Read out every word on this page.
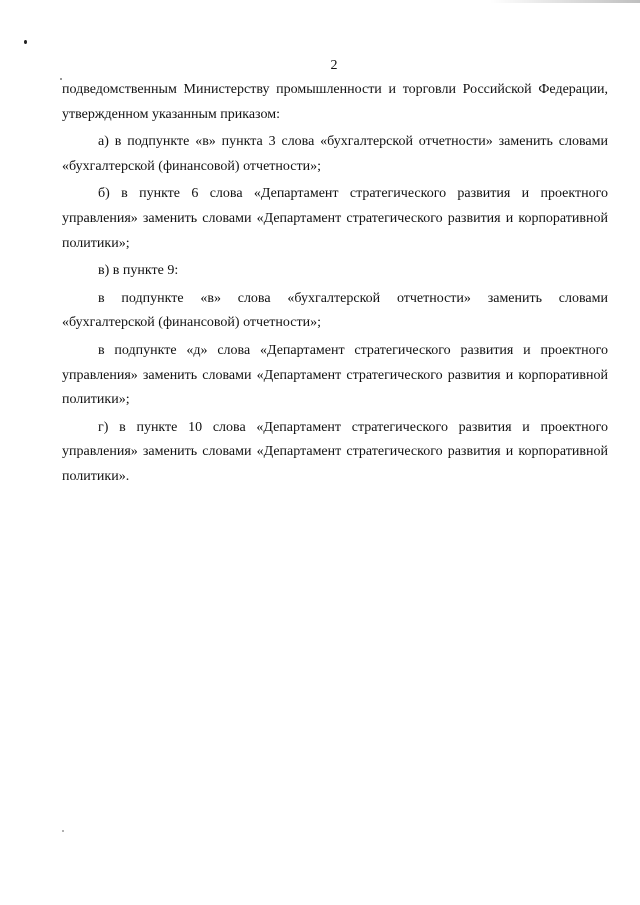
2

подведомственным Министерству промышленности и торговли Российской Федерации, утвержденном указанным приказом:

а) в подпункте «в» пункта 3 слова «бухгалтерской отчетности» заменить словами «бухгалтерской (финансовой) отчетности»;

б) в пункте 6 слова «Департамент стратегического развития и проектного управления» заменить словами «Департамент стратегического развития и корпоративной политики»;

в) в пункте 9:

в подпункте «в» слова «бухгалтерской отчетности» заменить словами «бухгалтерской (финансовой) отчетности»;

в подпункте «д» слова «Департамент стратегического развития и проектного управления» заменить словами «Департамент стратегического развития и корпоративной политики»;

г) в пункте 10 слова «Департамент стратегического развития и проектного управления» заменить словами «Департамент стратегического развития и корпоративной политики».
